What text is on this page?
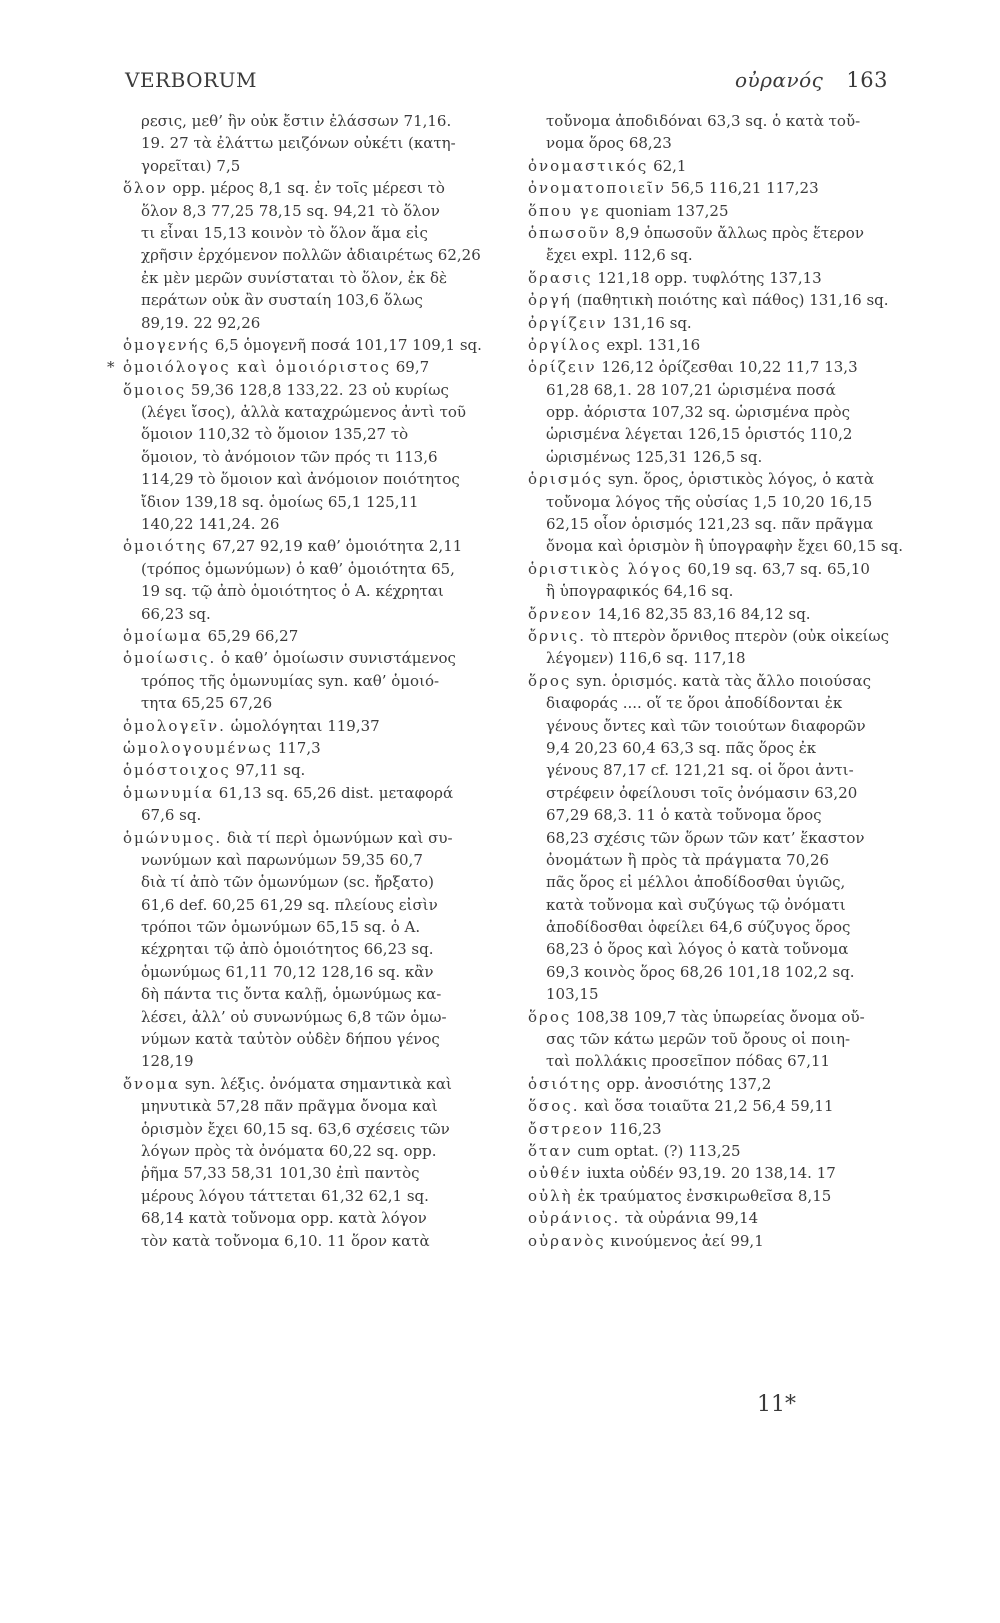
VERBORUM	οὐρανός 163
ρεσις, μεθ’ ἣν οὐκ ἔστιν ἐλάσσων 71,16.
19. 27 τὰ ἐλάττω μειζόνων οὐκέτι (κατη-
γορεῖται) 7,5
ὅλον opp. μέρος 8,1 sq. ἐν τοῖς μέρεσι τὸ
ὅλον 8,3 77,25 78,15 sq. 94,21 τὸ ὅλον
τι εἶναι 15,13 κοινὸν τὸ ὅλον ἅμα εἰς
χρῆσιν ἐρχόμενον πολλῶν ἀδιαιρέτως 62,26
ἐκ μὲν μερῶν συνίσταται τὸ ὅλον, ἐκ δὲ
περάτων οὐκ ἂν συσταίη 103,6 ὅλως
89,19. 22 92,26
ὁμογενής 6,5 ὁμογενῆ ποσά 101,17 109,1 sq.
* ὁμοιόλογος καὶ ὁμοιόριστος 69,7
ὅμοιος 59,36 128,8 133,22. 23 οὐ κυρίως
(λέγει ἴσος), ἀλλὰ καταχρώμενος ἀντὶ τοῦ
ὅμοιον 110,32 τὸ ὅμοιον 135,27 τὸ
ὅμοιον, τὸ ἀνόμοιον τῶν πρός τι 113,6
114,29 τὸ ὅμοιον καὶ ἀνόμοιον ποιότητος
ἴδιον 139,18 sq. ὁμοίως 65,1 125,11
140,22 141,24. 26
ὁμοιότης 67,27 92,19 καθ’ ὁμοιότητα 2,11
(τρόπος ὁμωνύμων) ὁ καθ’ ὁμοιότητα 65,
19 sq. τῷ ἀπὸ ὁμοιότητος ὁ Α. κέχρηται
66,23 sq.
ὁμοίωμα 65,29 66,27
ὁμοίωσις. ὁ καθ’ ὁμοίωσιν συνιστάμενος
τρόπος τῆς ὁμωνυμίας syn. καθ’ ὁμοιό-
τητα 65,25 67,26
ὁμολογεῖν. ὡμολόγηται 119,37
ὡμολογουμένως 117,3
ὁμόστοιχος 97,11 sq.
ὁμωνυμία 61,13 sq. 65,26 dist. μεταφορά
67,6 sq.
ὁμώνυμος. διὰ τί περὶ ὁμωνύμων καὶ συ-
νωνύμων καὶ παρωνύμων 59,35 60,7
διὰ τί ἀπὸ τῶν ὁμωνύμων (sc. ἤρξατο)
61,6 def. 60,25 61,29 sq. πλείους εἰσὶν
τρόποι τῶν ὁμωνύμων 65,15 sq. ὁ Α.
κέχρηται τῷ ἀπὸ ὁμοιότητος 66,23 sq.
ὁμωνύμως 61,11 70,12 128,16 sq. κἂν
δὴ πάντα τις ὄντα καλῇ, ὁμωνύμως κα-
λέσει, ἀλλ’ οὐ συνωνύμως 6,8 τῶν ὁμω-
νύμων κατὰ ταὐτὸν οὐδὲν δήπου γένος
128,19
ὄνομα syn. λέξις. ὀνόματα σημαντικὰ καὶ
μηνυτικὰ 57,28 πᾶν πρᾶγμα ὄνομα καὶ
ὁρισμὸν ἔχει 60,15 sq. 63,6 σχέσεις τῶν
λόγων πρὸς τὰ ὀνόματα 60,22 sq. opp.
ῥῆμα 57,33 58,31 101,30 ἐπὶ παντὸς
μέρους λόγου τάττεται 61,32 62,1 sq.
68,14 κατὰ τοὔνομα opp. κατὰ λόγον
τὸν κατὰ τοὔνομα 6,10. 11 ὅρον κατὰ
τοὔνομα ἀποδιδόναι 63,3 sq. ὁ κατὰ τοὔ-
νομα ὅρος 68,23
ὀνομαστικός 62,1
ὀνοματοποιεῖν 56,5 116,21 117,23
ὅπου γε quoniam 137,25
ὁπωσοῦν 8,9 ὁπωσοῦν ἄλλως πρὸς ἕτερον
ἔχει expl. 112,6 sq.
ὅρασις 121,18 opp. τυφλότης 137,13
ὀργή (παθητικὴ ποιότης καὶ πάθος) 131,16 sq.
ὀργίζειν 131,16 sq.
ὀργίλος expl. 131,16
ὁρίζειν 126,12 ὁρίζεσθαι 10,22 11,7 13,3
61,28 68,1. 28 107,21 ὡρισμένα ποσά
opp. ἀόριστα 107,32 sq. ὡρισμένα πρὸς
ὡρισμένα λέγεται 126,15 ὁριστός 110,2
ὡρισμένως 125,31 126,5 sq.
ὁρισμός syn. ὅρος, ὁριστικὸς λόγος, ὁ κατὰ
τοὔνομα λόγος τῆς οὐσίας 1,5 10,20 16,15
62,15 οἷον ὁρισμός 121,23 sq. πᾶν πρᾶγμα
ὄνομα καὶ ὁρισμὸν ἢ ὑπογραφὴν ἔχει 60,15 sq.
ὁριστικὸς λόγος 60,19 sq. 63,7 sq. 65,10
ἢ ὑπογραφικός 64,16 sq.
ὄρνεον 14,16 82,35 83,16 84,12 sq.
ὄρνις. τὸ πτερὸν ὄρνιθος πτερὸν (οὐκ οἰκείως
λέγομεν) 116,6 sq. 117,18
ὅρος syn. ὁρισμός. κατὰ τὰς ἄλλο ποιούσας
διαφοράς .... οἵ τε ὅροι ἀποδίδονται ἐκ
γένους ὄντες καὶ τῶν τοιούτων διαφορῶν
9,4 20,23 60,4 63,3 sq. πᾶς ὅρος ἐκ
γένους 87,17 cf. 121,21 sq. οἱ ὅροι ἀντι-
στρέφειν ὀφείλουσι τοῖς ὀνόμασιν 63,20
67,29 68,3. 11 ὁ κατὰ τοὔνομα ὅρος
68,23 σχέσις τῶν ὅρων τῶν κατ’ ἕκαστον
ὀνομάτων ἢ πρὸς τὰ πράγματα 70,26
πᾶς ὅρος εἰ μέλλοι ἀποδίδοσθαι ὑγιῶς,
κατὰ τοὔνομα καὶ συζύγως τῷ ὀνόματι
ἀποδίδοσθαι ὀφείλει 64,6 σύζυγος ὅρος
68,23 ὁ ὅρος καὶ λόγος ὁ κατὰ τοὔνομα
69,3 κοινὸς ὅρος 68,26 101,18 102,2 sq.
103,15
ὅρος 108,38 109,7 τὰς ὑπωρείας ὄνομα οὔ-
σας τῶν κάτω μερῶν τοῦ ὄρους οἱ ποιη-
ταὶ πολλάκις προσεῖπον πόδας 67,11
ὁσιότης opp. ἀνοσιότης 137,2
ὅσος. καὶ ὅσα τοιαῦτα 21,2 56,4 59,11
ὄστρεον 116,23
ὅταν cum optat. (?) 113,25
οὐθέν iuxta οὐδέν 93,19. 20 138,14. 17
οὐλὴ ἐκ τραύματος ἐνσκιρωθεῖσα 8,15
οὐράνιος. τὰ οὐράνια 99,14
οὐρανὸς κινούμενος ἀεί 99,1
11*
